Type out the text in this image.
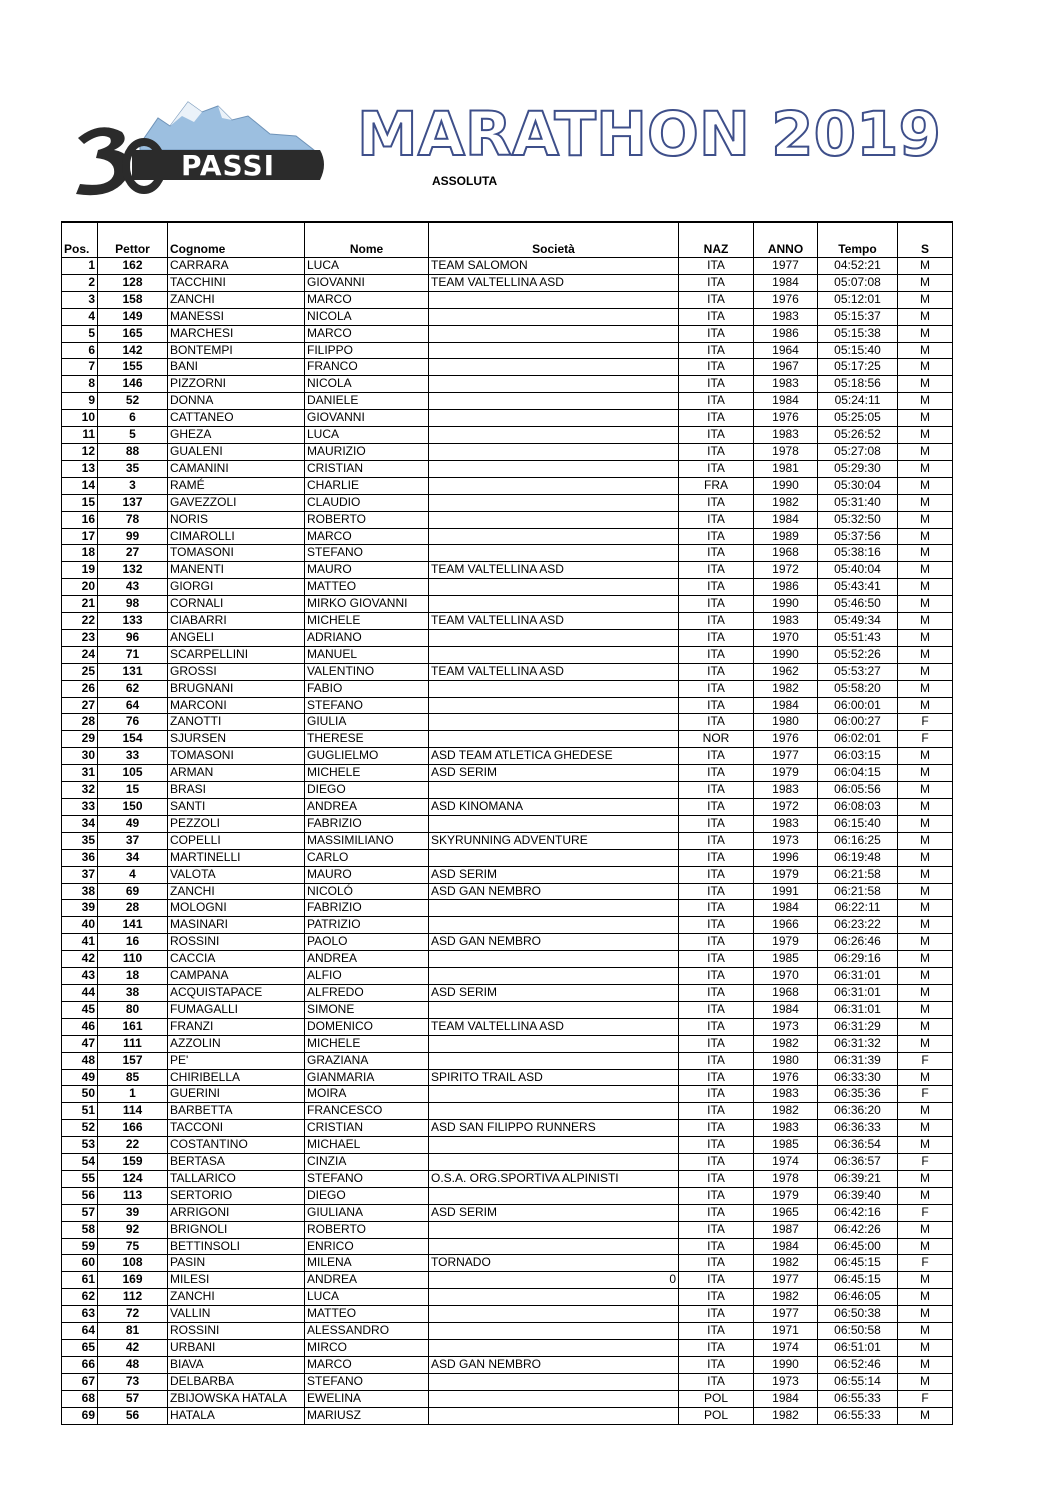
PASSI MARATHON 2019
ASSOLUTA
Pos.	Pettor	Cognome	Nome	Società	NAZ	ANNO	Tempo	S
1	162	CARRARA	LUCA	TEAM SALOMON	ITA	1977	04:52:21	M
2	128	TACCHINI	GIOVANNI	TEAM VALTELLINA ASD	ITA	1984	05:07:08	M
3	158	ZANCHI	MARCO		ITA	1976	05:12:01	M
4	149	MANESSI	NICOLA		ITA	1983	05:15:37	M
5	165	MARCHESI	MARCO		ITA	1986	05:15:38	M
6	142	BONTEMPI	FILIPPO		ITA	1964	05:15:40	M
7	155	BANI	FRANCO		ITA	1967	05:17:25	M
8	146	PIZZORNI	NICOLA		ITA	1983	05:18:56	M
9	52	DONNA	DANIELE		ITA	1984	05:24:11	M
10	6	CATTANEO	GIOVANNI		ITA	1976	05:25:05	M
11	5	GHEZA	LUCA		ITA	1983	05:26:52	M
12	88	GUALENI	MAURIZIO		ITA	1978	05:27:08	M
13	35	CAMANINI	CRISTIAN		ITA	1981	05:29:30	M
14	3	RAMÉ	CHARLIE		FRA	1990	05:30:04	M
15	137	GAVEZZOLI	CLAUDIO		ITA	1982	05:31:40	M
16	78	NORIS	ROBERTO		ITA	1984	05:32:50	M
17	99	CIMAROLLI	MARCO		ITA	1989	05:37:56	M
18	27	TOMASONI	STEFANO		ITA	1968	05:38:16	M
19	132	MANENTI	MAURO	TEAM VALTELLINA ASD	ITA	1972	05:40:04	M
20	43	GIORGI	MATTEO		ITA	1986	05:43:41	M
21	98	CORNALI	MIRKO GIOVANNI		ITA	1990	05:46:50	M
22	133	CIABARRI	MICHELE	TEAM VALTELLINA ASD	ITA	1983	05:49:34	M
23	96	ANGELI	ADRIANO		ITA	1970	05:51:43	M
24	71	SCARPELLINI	MANUEL		ITA	1990	05:52:26	M
25	131	GROSSI	VALENTINO	TEAM VALTELLINA ASD	ITA	1962	05:53:27	M
26	62	BRUGNANI	FABIO		ITA	1982	05:58:20	M
27	64	MARCONI	STEFANO		ITA	1984	06:00:01	M
28	76	ZANOTTI	GIULIA		ITA	1980	06:00:27	F
29	154	SJURSEN	THERESE		NOR	1976	06:02:01	F
30	33	TOMASONI	GUGLIELMO	ASD TEAM ATLETICA GHEDESE	ITA	1977	06:03:15	M
31	105	ARMAN	MICHELE	ASD SERIM	ITA	1979	06:04:15	M
32	15	BRASI	DIEGO		ITA	1983	06:05:56	M
33	150	SANTI	ANDREA	ASD KINOMANA	ITA	1972	06:08:03	M
34	49	PEZZOLI	FABRIZIO		ITA	1983	06:15:40	M
35	37	COPELLI	MASSIMILIANO	SKYRUNNING ADVENTURE	ITA	1973	06:16:25	M
36	34	MARTINELLI	CARLO		ITA	1996	06:19:48	M
37	4	VALOTA	MAURO	ASD SERIM	ITA	1979	06:21:58	M
38	69	ZANCHI	NICOLÓ	ASD GAN NEMBRO	ITA	1991	06:21:58	M
39	28	MOLOGNI	FABRIZIO		ITA	1984	06:22:11	M
40	141	MASINARI	PATRIZIO		ITA	1966	06:23:22	M
41	16	ROSSINI	PAOLO	ASD GAN NEMBRO	ITA	1979	06:26:46	M
42	110	CACCIA	ANDREA		ITA	1985	06:29:16	M
43	18	CAMPANA	ALFIO		ITA	1970	06:31:01	M
44	38	ACQUISTAPACE	ALFREDO	ASD SERIM	ITA	1968	06:31:01	M
45	80	FUMAGALLI	SIMONE		ITA	1984	06:31:01	M
46	161	FRANZI	DOMENICO	TEAM VALTELLINA ASD	ITA	1973	06:31:29	M
47	111	AZZOLIN	MICHELE		ITA	1982	06:31:32	M
48	157	PE'	GRAZIANA		ITA	1980	06:31:39	F
49	85	CHIRIBELLA	GIANMARIA	SPIRITO TRAIL ASD	ITA	1976	06:33:30	M
50	1	GUERINI	MOIRA		ITA	1983	06:35:36	F
51	114	BARBETTA	FRANCESCO		ITA	1982	06:36:20	M
52	166	TACCONI	CRISTIAN	ASD SAN FILIPPO RUNNERS	ITA	1983	06:36:33	M
53	22	COSTANTINO	MICHAEL		ITA	1985	06:36:54	M
54	159	BERTASA	CINZIA		ITA	1974	06:36:57	F
55	124	TALLARICO	STEFANO	O.S.A. ORG.SPORTIVA ALPINISTI	ITA	1978	06:39:21	M
56	113	SERTORIO	DIEGO		ITA	1979	06:39:40	M
57	39	ARRIGONI	GIULIANA	ASD SERIM	ITA	1965	06:42:16	F
58	92	BRIGNOLI	ROBERTO		ITA	1987	06:42:26	M
59	75	BETTINSOLI	ENRICO		ITA	1984	06:45:00	M
60	108	PASIN	MILENA	TORNADO	ITA	1982	06:45:15	F
61	169	MILESI	ANDREA	0	ITA	1977	06:45:15	M
62	112	ZANCHI	LUCA		ITA	1982	06:46:05	M
63	72	VALLIN	MATTEO		ITA	1977	06:50:38	M
64	81	ROSSINI	ALESSANDRO		ITA	1971	06:50:58	M
65	42	URBANI	MIRCO		ITA	1974	06:51:01	M
66	48	BIAVA	MARCO	ASD GAN NEMBRO	ITA	1990	06:52:46	M
67	73	DELBARBA	STEFANO		ITA	1973	06:55:14	M
68	57	ZBIJOWSKA HATALA	EWELINA		POL	1984	06:55:33	F
69	56	HATALA	MARIUSZ		POL	1982	06:55:33	M
